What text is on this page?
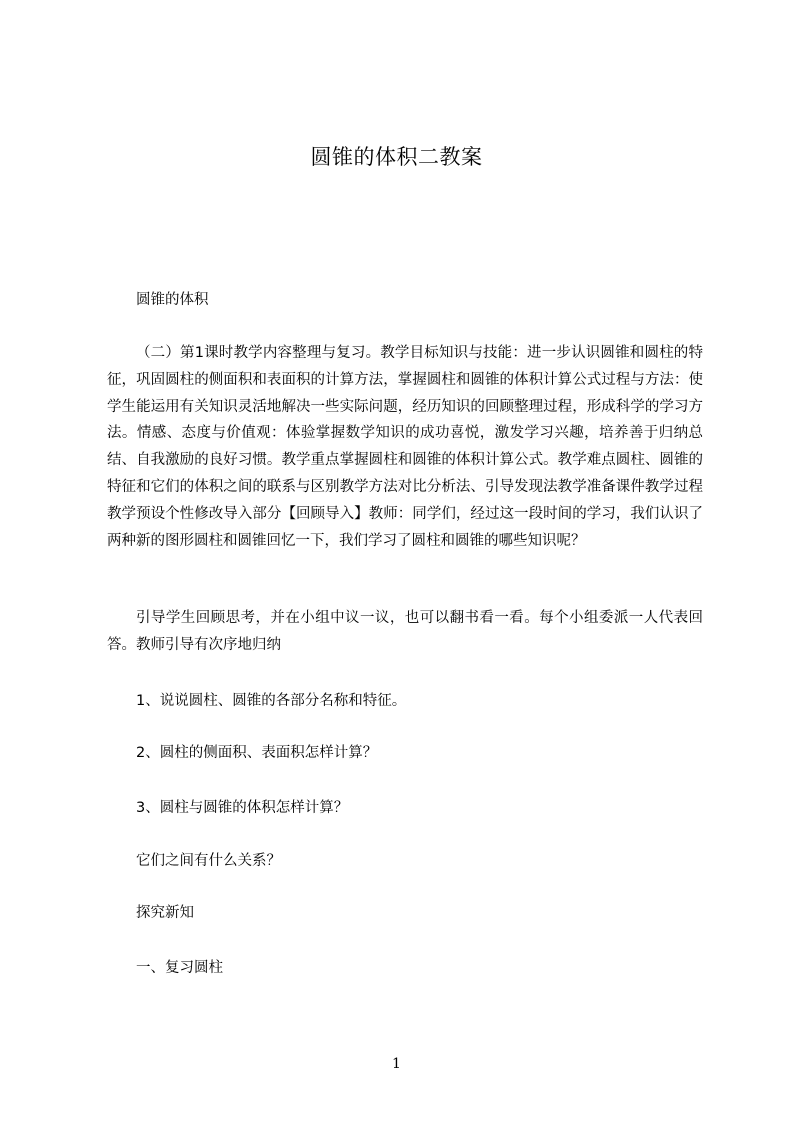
圆锥的体积二教案
圆锥的体积
（二）第1课时教学内容整理与复习。教学目标知识与技能：进一步认识圆锥和圆柱的特征，巩固圆柱的侧面积和表面积的计算方法，掌握圆柱和圆锥的体积计算公式过程与方法：使学生能运用有关知识灵活地解决一些实际问题，经历知识的回顾整理过程，形成科学的学习方法。情感、态度与价值观：体验掌握数学知识的成功喜悦，激发学习兴趣，培养善于归纳总结、自我激励的良好习惯。教学重点掌握圆柱和圆锥的体积计算公式。教学难点圆柱、圆锥的特征和它们的体积之间的联系与区别教学方法对比分析法、引导发现法教学准备课件教学过程教学预设个性修改导入部分【回顾导入】教师：同学们，经过这一段时间的学习，我们认识了两种新的图形圆柱和圆锥回忆一下，我们学习了圆柱和圆锥的哪些知识呢？
引导学生回顾思考，并在小组中议一议，也可以翻书看一看。每个小组委派一人代表回答。教师引导有次序地归纳
1、说说圆柱、圆锥的各部分名称和特征。
2、圆柱的侧面积、表面积怎样计算？
3、圆柱与圆锥的体积怎样计算？
它们之间有什么关系？
探究新知
一、复习圆柱
1
